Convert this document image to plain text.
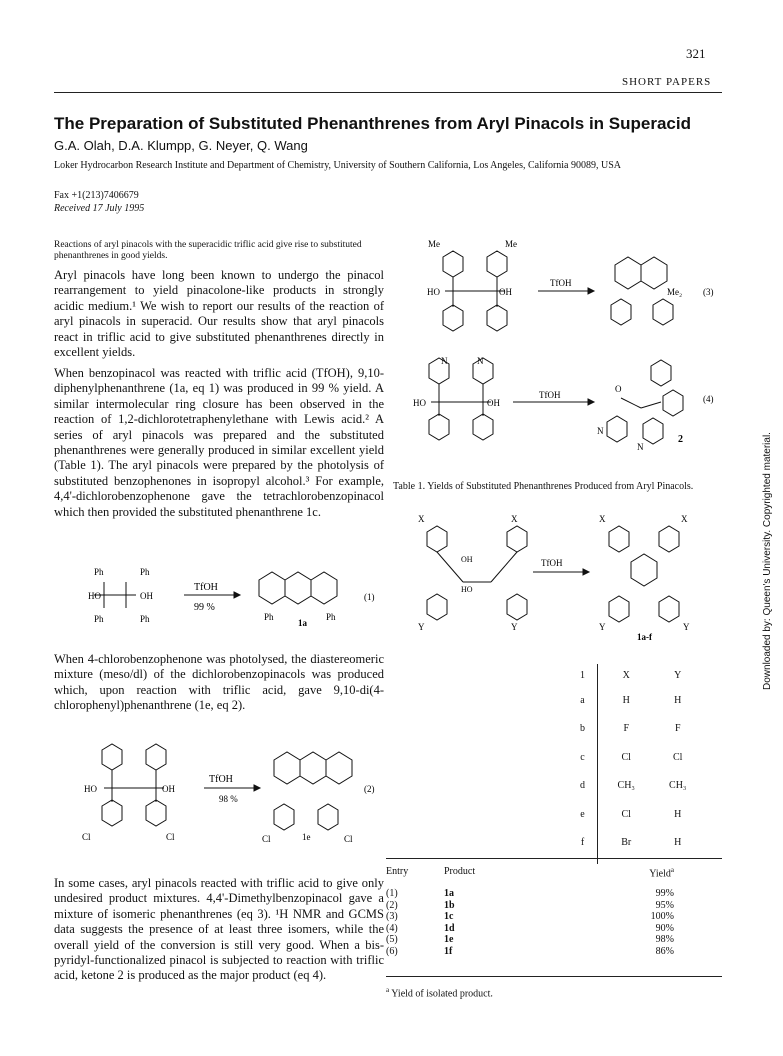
321
SHORT PAPERS
The Preparation of Substituted Phenanthrenes from Aryl Pinacols in Superacid
G.A. Olah, D.A. Klumpp, G. Neyer, Q. Wang
Loker Hydrocarbon Research Institute and Department of Chemistry, University of Southern California, Los Angeles, California 90089, USA
Fax +1(213)7406679
Received 17 July 1995
Reactions of aryl pinacols with the superacidic triflic acid give rise to substituted phenanthrenes in good yields.
Aryl pinacols have long been known to undergo the pinacol rearrangement to yield pinacolone-like products in strongly acidic medium.¹ We wish to report our results of the reaction of aryl pinacols in superacid. Our results show that aryl pinacols react in triflic acid to give substituted phenanthrenes directly in excellent yields.
When benzopinacol was reacted with triflic acid (TfOH), 9,10-diphenylphenanthrene (1a, eq 1) was produced in 99 % yield. A similar intermolecular ring closure has been observed in the reaction of 1,2-dichlorotetraphenylethane with Lewis acid.² A series of aryl pinacols was prepared and the substituted phenanthrenes were generally produced in similar excellent yield (Table 1). The aryl pinacols were prepared by the photolysis of substituted benzophenones in isopropyl alcohol.³ For example, 4,4'-dichlorobenzophenone gave the tetrachlorobenzopinacol which then provided the substituted phenanthrene 1c.
When 4-chlorobenzophenone was photolysed, the diastereomeric mixture (meso/dl) of the dichlorobenzopinacols was produced which, upon reaction with triflic acid, gave 9,10-di(4-chlorophenyl)phenanthrene (1e, eq 2).
In some cases, aryl pinacols reacted with triflic acid to give only undesired product mixtures. 4,4'-Dimethylbenzopinacol gave a mixture of isomeric phenanthrenes (eq 3). ¹H NMR and GCMS data suggests the presence of at least three isomers, while the overall yield of the conversion is still very good. When a bis-pyridyl-functionalized pinacol is subjected to reaction with triflic acid, ketone 2 is produced as the major product (eq 4).
Ph	Ph
HO	OH
Ph	Ph
TfOH
99 %
Ph
1a
Ph
(1)
HO	OH
Cl	Cl
TfOH
98 %
Cl	1e	Cl
(2)
Me	Me
HO	OH
TfOH
Me₂ (3)
N	N
HO	OH
TfOH
O
N
N
2
(4)
Table 1. Yields of Substituted Phenanthrenes Produced from Aryl Pinacols.
X	X
OH
HO
Y	Y
TfOH
X	X
Y	Y
1a-f
1	X	Y
a	H	H
b	F	F
c	Cl	Cl
d	CH₃	CH₃
e	Cl	H
f	Br	H
Entry	Product	Yield$^a$
(1)	1a	99%
(2)	1b	95%
(3)	1c	100%
(4)	1d	90%
(5)	1e	98%
(6)	1f	86%
$^a$ Yield of isolated product.
Downloaded by: Queen's University. Copyrighted material.
